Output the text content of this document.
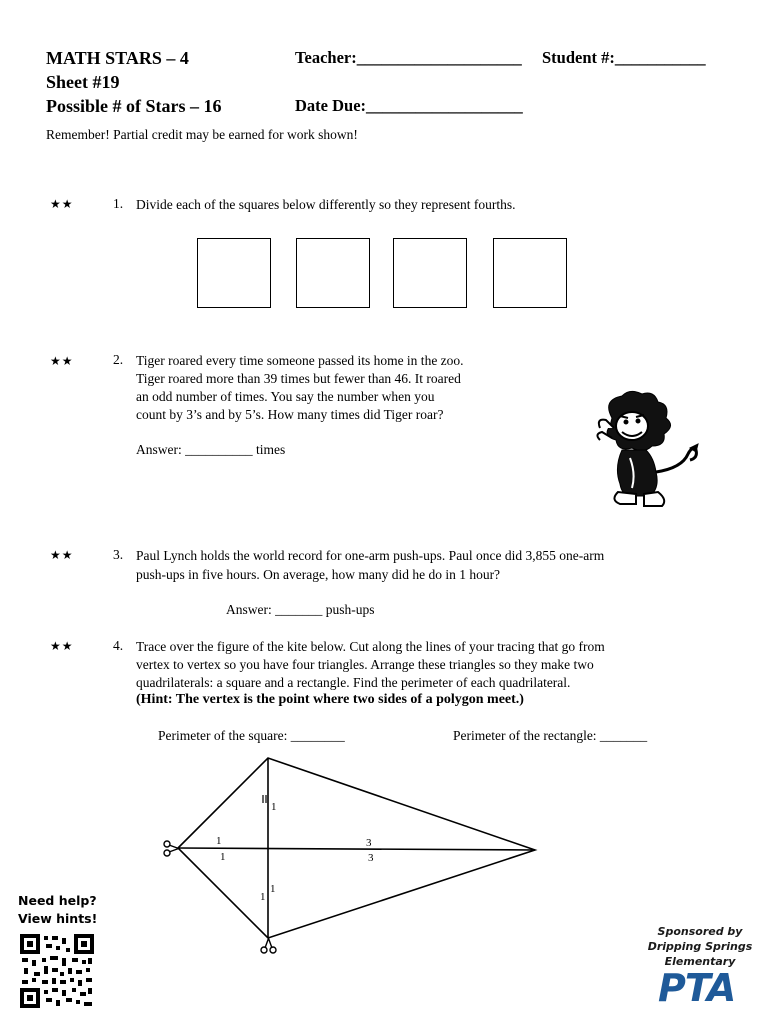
MATH STARS – 4
Sheet #19
Possible # of Stars – 16
Teacher:____________________ Student #:___________
Date Due:___________________
Remember! Partial credit may be earned for work shown!
★★	1. Divide each of the squares below differently so they represent fourths.
★★	2. Tiger roared every time someone passed its home in the zoo.
Tiger roared more than 39 times but fewer than 46. It roared
an odd number of times. You say the number when you
count by 3’s and by 5’s. How many times did Tiger roar?
Answer: __________ times
★★	3. Paul Lynch holds the world record for one-arm push-ups. Paul once did 3,855 one-arm
push-ups in five hours. On average, how many did he do in 1 hour?
Answer: _______ push-ups
★★	4. Trace over the figure of the kite below. Cut along the lines of your tracing that go from
vertex to vertex so you have four triangles. Arrange these triangles so they make two
quadrilaterals: a square and a rectangle. Find the perimeter of each quadrilateral.
(Hint: The vertex is the point where two sides of a polygon meet.)
Perimeter of the square: ________	Perimeter of the rectangle: _______
1
1
1
1
1
3
3
Need help?
View hints!
Sponsored by
Dripping Springs
Elementary
PTA
